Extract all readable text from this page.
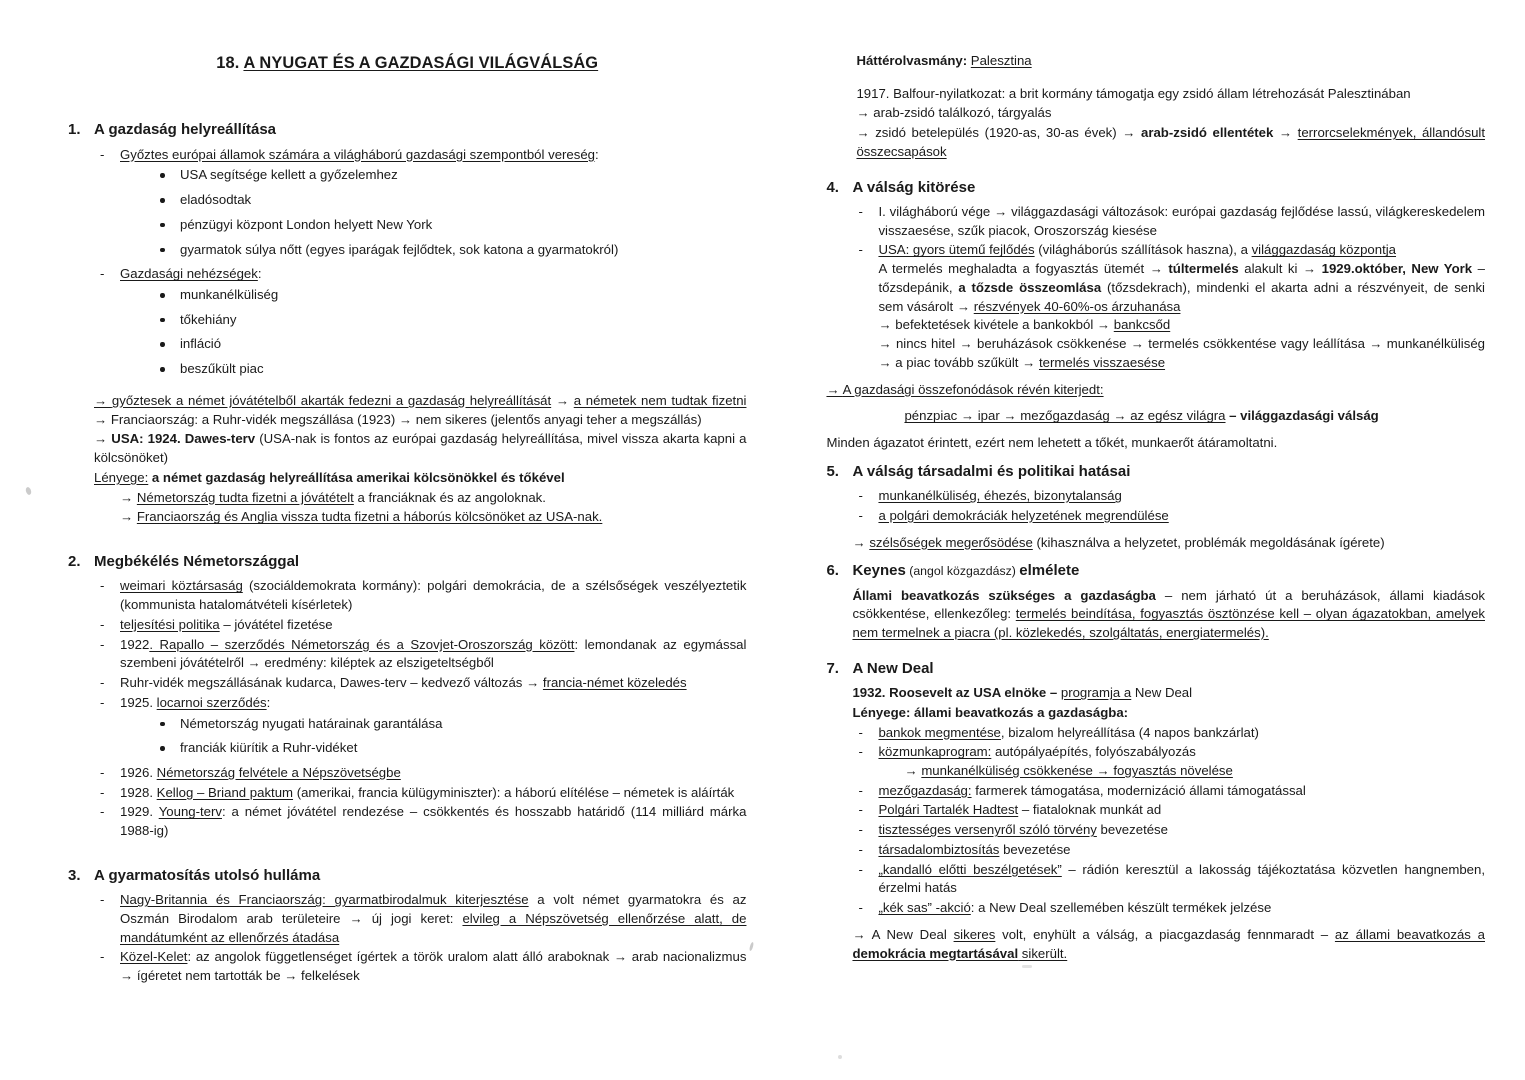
18. A NYUGAT ÉS A GAZDASÁGI VILÁGVÁLSÁG
1. A gazdaság helyreállítása
- Győztes európai államok számára a világháború gazdasági szempontból vereség:
USA segítsége kellett a győzelemhez
eladósodtak
pénzügyi központ London helyett New York
gyarmatok súlya nőtt (egyes iparágak fejlődtek, sok katona a gyarmatokról)
- Gazdasági nehézségek:
munkanélküliség
tőkehiány
infláció
beszűkült piac

→ győztesek a német jóvátételből akarták fedezni a gazdaság helyreállítását → a németek nem tudtak fizetni → Franciaország: a Ruhr-vidék megszállása (1923) → nem sikeres (jelentős anyagi teher a megszállás)

→ USA: 1924. Dawes-terv (USA-nak is fontos az európai gazdaság helyreállítása, mivel vissza akarta kapni a kölcsönöket)

Lényege: a német gazdaság helyreállítása amerikai kölcsönökkel és tőkével

→ Németország tudta fizetni a jóvátételt a franciáknak és az angoloknak.

→ Franciaország és Anglia vissza tudta fizetni a háborús kölcsönöket az USA-nak.

2. Megbékélés Németországgal
- weimari köztársaság (szociáldemokrata kormány): polgári demokrácia, de a szélsőségek veszélyeztetik (kommunista hatalomátvételi kísérletek)
- teljesítési politika – jóvátétel fizetése
- 1922. Rapallo – szerződés Németország és a Szovjet-Oroszország között: lemondanak az egymással szembeni jóvátételről → eredmény: kiléptek az elszigeteltségből
- Ruhr-vidék megszállásának kudarca, Dawes-terv – kedvező változás → francia-német közeledés
- 1925. locarnoi szerződés:
Németország nyugati határainak garantálása
franciák kiürítik a Ruhr-vidéket
- 1926. Németország felvétele a Népszövetségbe
- 1928. Kellog – Briand paktum (amerikai, francia külügyminiszter): a háború elítélése – németek is aláírták
- 1929. Young-terv: a német jóvátétel rendezése – csökkentés és hosszabb határidő (114 milliárd márka 1988-ig)
3. A gyarmatosítás utolsó hulláma
- Nagy-Britannia és Franciaország: gyarmatbirodalmuk kiterjesztése a volt német gyarmatokra és az Oszmán Birodalom arab területeire → új jogi keret: elvileg a Népszövetség ellenőrzése alatt, de mandátumként az ellenőrzés átadása
- Közel-Kelet: az angolok függetlenséget ígértek a török uralom alatt álló araboknak → arab nacionalizmus → ígéretet nem tartották be → felkelések

Háttérolvasmány: Palesztina

1917. Balfour-nyilatkozat: a brit kormány támogatja egy zsidó állam létrehozását Palesztinában

→ arab-zsidó találkozó, tárgyalás

→ zsidó betelepülés (1920-as, 30-as évek) → arab-zsidó ellentétek → terrorcselekmények, állandósult összecsapások

4. A válság kitörése
- I. világháború vége → világgazdasági változások: európai gazdaság fejlődése lassú, világkereskedelem visszaesése, szűk piacok, Oroszország kiesése
- USA: gyors ütemű fejlődés (világháborús szállítások haszna), a világgazdaság központja
A termelés meghaladta a fogyasztás ütemét → túltermelés alakult ki → 1929.október, New York – tőzsdepánik, a tőzsde összeomlása (tőzsdekrach), mindenki el akarta adni a részvényeit, de senki sem vásárolt → részvények 40-60%-os árzuhanása
→ befektetések kivétele a bankokból → bankcsőd
→ nincs hitel → beruházások csökkenése → termelés csökkentése vagy leállítása → munkanélküliség → a piac tovább szűkült → termelés visszaesése

→ A gazdasági összefonódások révén kiterjedt:

pénzpiac → ipar → mezőgazdaság → az egész világra – világgazdasági válság

Minden ágazatot érintett, ezért nem lehetett a tőkét, munkaerőt átáramoltatni.

5. A válság társadalmi és politikai hatásai
- munkanélküliség, éhezés, bizonytalanság
- a polgári demokráciák helyzetének megrendülése

→ szélsőségek megerősödése (kihasználva a helyzetet, problémák megoldásának ígérete)

6. Keynes (angol közgazdász) elmélete

Állami beavatkozás szükséges a gazdaságba – nem járható út a beruházások, állami kiadások csökkentése, ellenkezőleg: termelés beindítása, fogyasztás ösztönzése kell – olyan ágazatokban, amelyek nem termelnek a piacra (pl. közlekedés, szolgáltatás, energiatermelés).

7. A New Deal

1932. Roosevelt az USA elnöke – programja a New Deal

Lényege: állami beavatkozás a gazdaságba:

- bankok megmentése, bizalom helyreállítása (4 napos bankzárlat)
- közmunkaprogram: autópályaépítés, folyószabályozás
→ munkanélküliség csökkenése → fogyasztás növelése
- mezőgazdaság: farmerek támogatása, modernizáció állami támogatással
- Polgári Tartalék Hadtest – fiataloknak munkát ad
- tisztességes versenyről szóló törvény bevezetése
- társadalombiztosítás bevezetése
- „kandalló előtti beszélgetések” – rádión keresztül a lakosság tájékoztatása közvetlen hangnemben, érzelmi hatás
- „kék sas” -akció: a New Deal szellemében készült termékek jelzése

→ A New Deal sikeres volt, enyhült a válság, a piacgazdaság fennmaradt – az állami beavatkozás a demokrácia megtartásával sikerült.
